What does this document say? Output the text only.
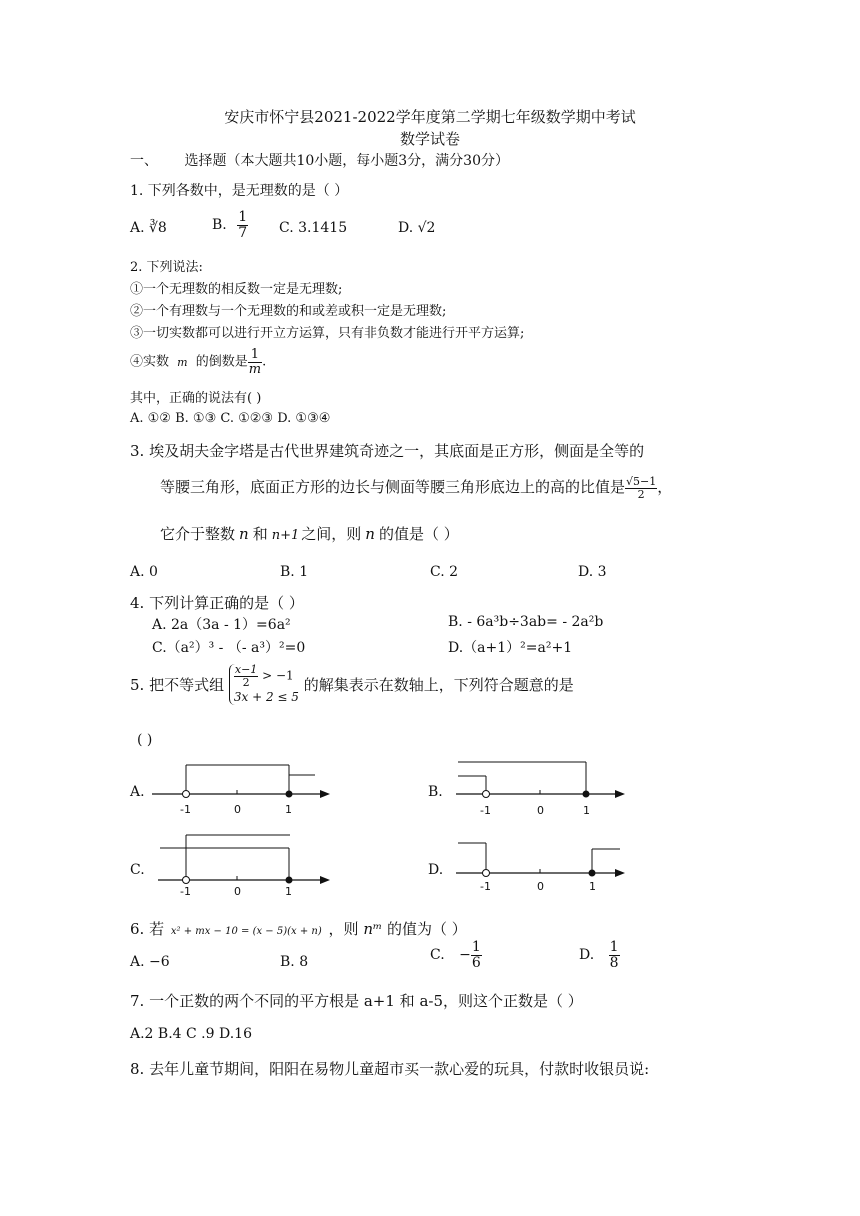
安庆市怀宁县2021-2022学年度第二学期七年级数学期中考试
数学试卷
一、 选择题（本大题共10小题，每小题3分，满分30分）
1. 下列各数中，是无理数的是（ ）
A. ∛8	B. $\frac{1}{7} C$. 3.1415	D. √2
2. 下列说法:
①一个无理数的相反数一定是无理数;
②一个有理数与一个无理数的和或差或积一定是无理数;
③一切实数都可以进行开立方运算，只有非负数才能进行开平方运算;
④实数 m 的倒数是 $\frac{1}{m}$ .
其中，正确的说法有( )
A. ①② B. ①③ C. ①②③ D. ①③④
3. 埃及胡夫金字塔是古代世界建筑奇迹之一，其底面是正方形，侧面是全等的
等腰三角形，底面正方形的边长与侧面等腰三角形底边上的高的比值是 $\frac{√5-1}{2}$ ，
它介于整数 n 和 n+1 之间，则 n 的值是（ ）
A. 0	B. 1	C. 2	D. 3
4. 下列计算正确的是（ ）
A. 2a（3a - 1）=6a²	B. - 6a³b÷3ab= - 2a²b
C.（a²）³ - （- a³）²=0	D.（a+1）²=a²+1
5. 把不等式组 $\frac{x-1}{2} > -1$
3x + 2 ≤ 5
的解集表示在数轴上，下列符合题意的是
( )
A.
-1	0	1
B.
-1	0	1
C.
-1	0	1
D.
-1	0	1
6. 若 x² + mx − 10 = (x − 5)(x + n) ，则 nᵐ 的值为（ ）
A. −6	B. 8	C. − $\frac{1}{6}$	D. $\frac{1}{8}$
7. 一个正数的两个不同的平方根是 a+1 和 a-5，则这个正数是（ ）
A.2 B.4 C .9 D.16
8. 去年儿童节期间，阳阳在易物儿童超市买一款心爱的玩具，付款时收银员说:
